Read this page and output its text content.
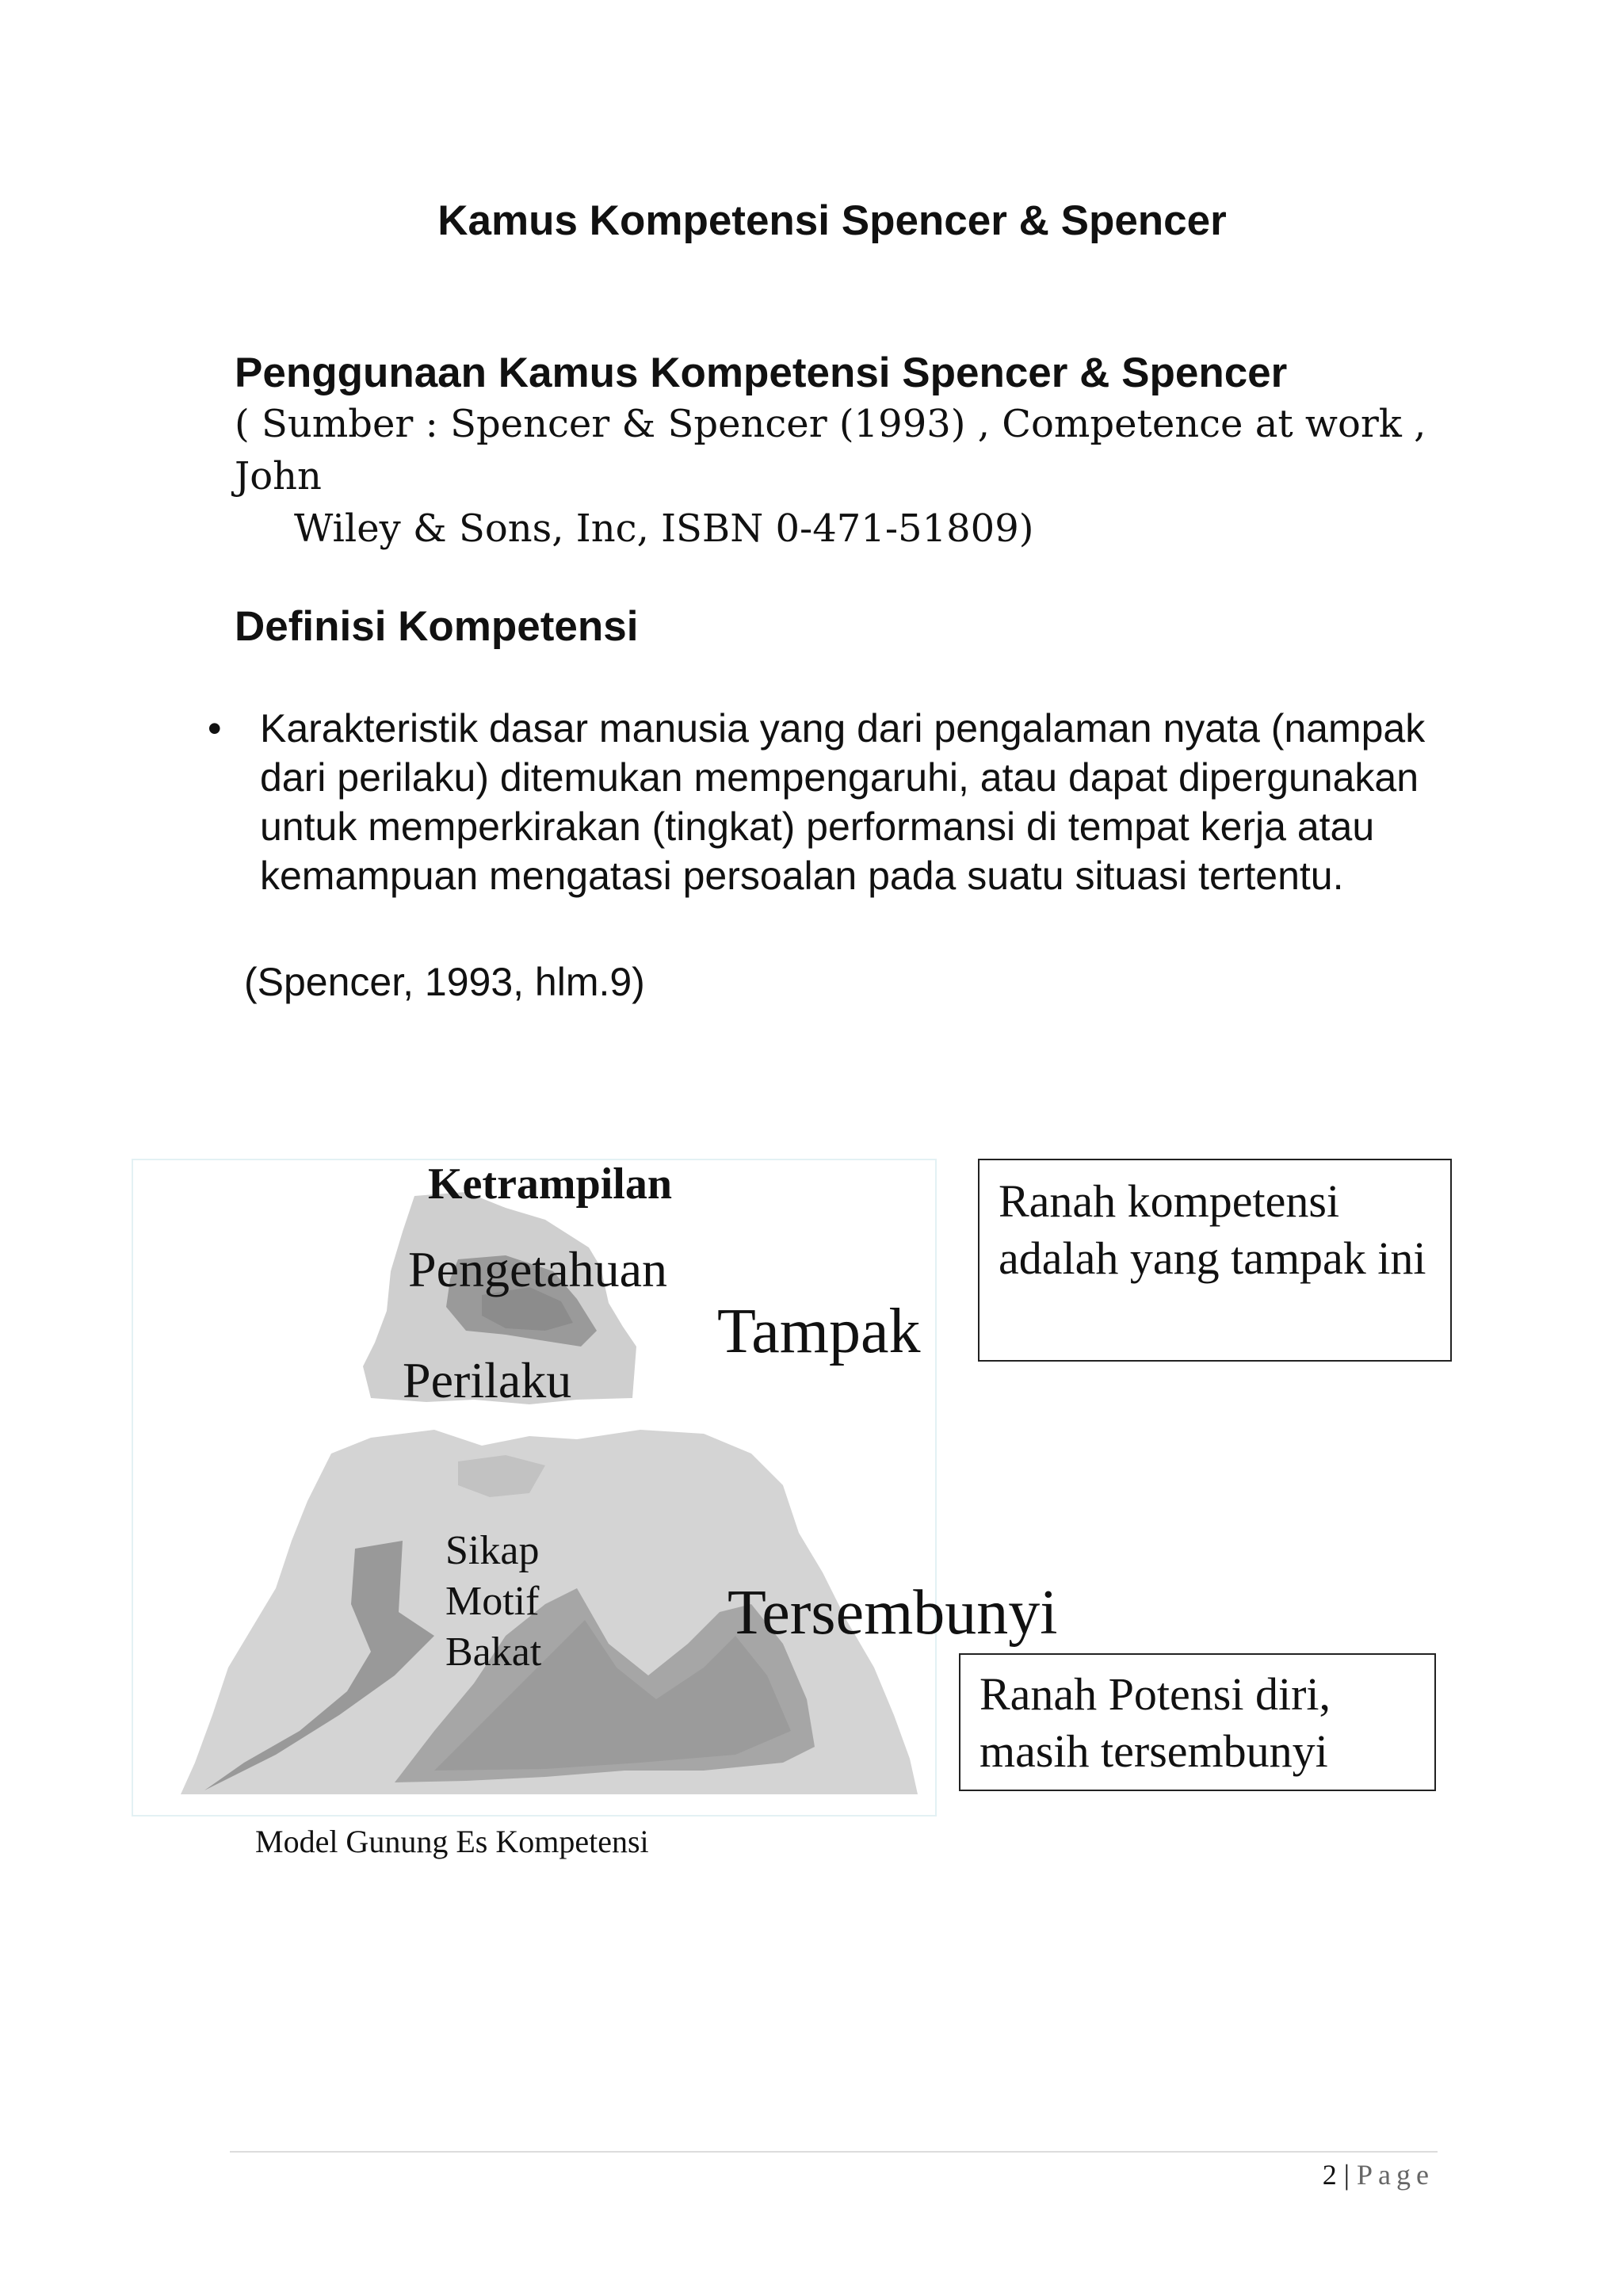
Kamus Kompetensi Spencer & Spencer
Penggunaan Kamus Kompetensi Spencer & Spencer
( Sumber : Spencer & Spencer (1993) , Competence at work , John
Wiley & Sons, Inc, ISBN 0-471-51809)
Definisi Kompetensi
• Karakteristik dasar manusia yang dari pengalaman nyata (nampak dari perilaku) ditemukan mempengaruhi, atau dapat dipergunakan untuk memperkirakan (tingkat) performansi di tempat kerja atau kemampuan mengatasi persoalan pada suatu situasi tertentu.
(Spencer, 1993, hlm.9)
Ketrampilan
Pengetahuan
Perilaku
Tampak
Sikap
Motif
Bakat
Tersembunyi
Ranah kompetensi adalah yang tampak ini
Ranah Potensi diri, masih tersembunyi
Model Gunung Es Kompetensi
2 | Page
